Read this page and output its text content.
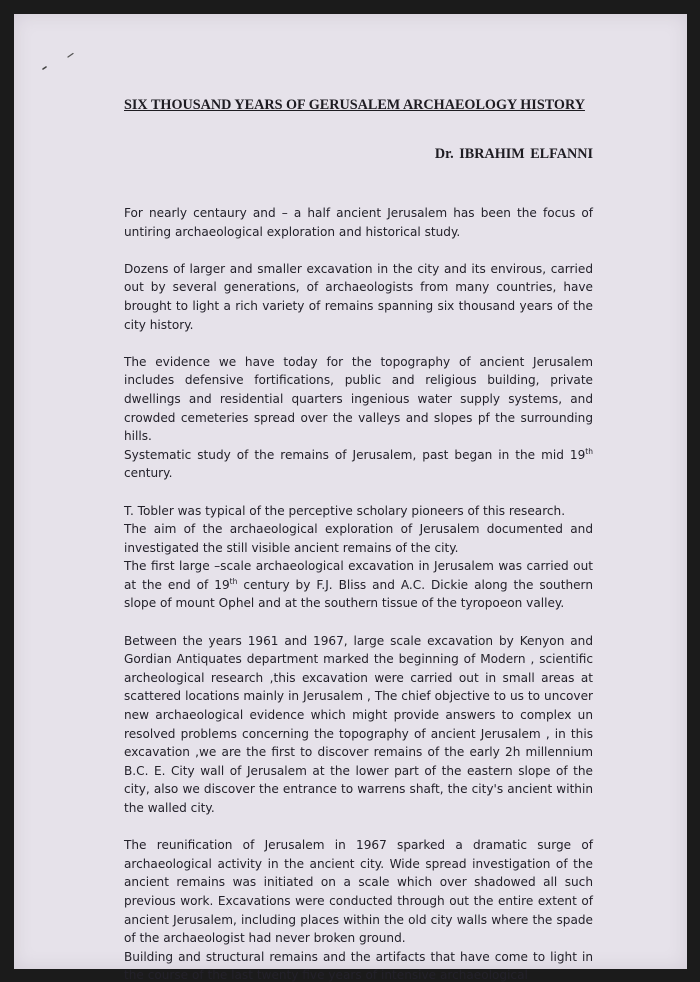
SIX THOUSAND YEARS OF GERUSALEM ARCHAEOLOGY HISTORY

Dr. IBRAHIM ELFANNI

For nearly centaury and – a half ancient Jerusalem has been the focus of untiring archaeological exploration and historical study.

Dozens of larger and smaller excavation in the city and its envirous, carried out by several generations, of archaeologists from many countries, have brought to light a rich variety of remains spanning six thousand years of the city history.

The evidence we have today for the topography of ancient Jerusalem includes defensive fortifications, public and religious building, private dwellings and residential quarters ingenious water supply systems, and crowded cemeteries spread over the valleys and slopes pf the surrounding hills.

Systematic study of the remains of Jerusalem, past began in the mid 19th century.

T. Tobler was typical of the perceptive scholary pioneers of this research.

The aim of the archaeological exploration of Jerusalem documented and investigated the still visible ancient remains of the city.

The first large –scale archaeological excavation in Jerusalem was carried out at the end of 19th century by F.J. Bliss and A.C. Dickie along the southern slope of mount Ophel and at the southern tissue of the tyropoeon valley.

Between the years 1961 and 1967, large scale excavation by Kenyon and Gordian Antiquates department marked the beginning of Modern , scientific archeological research ,this excavation were carried out in small areas at scattered locations mainly in Jerusalem , The chief objective to us to uncover new archaeological evidence which might provide answers to complex un resolved problems concerning the topography of ancient Jerusalem , in this excavation ,we are the first to discover remains of the early 2h millennium B.C. E. City wall of Jerusalem at the lower part of the eastern slope of the city, also we discover the entrance to warrens shaft, the city's ancient within the walled city.

The reunification of Jerusalem in 1967 sparked a dramatic surge of archaeological activity in the ancient city. Wide spread investigation of the ancient remains was initiated on a scale which over shadowed all such previous work. Excavations were conducted through out the entire extent of ancient Jerusalem, including places within the old city walls where the spade of the archaeologist had never broken ground.

Building and structural remains and the artifacts that have come to light in the course of the last twenty five years of intensive archaeological
